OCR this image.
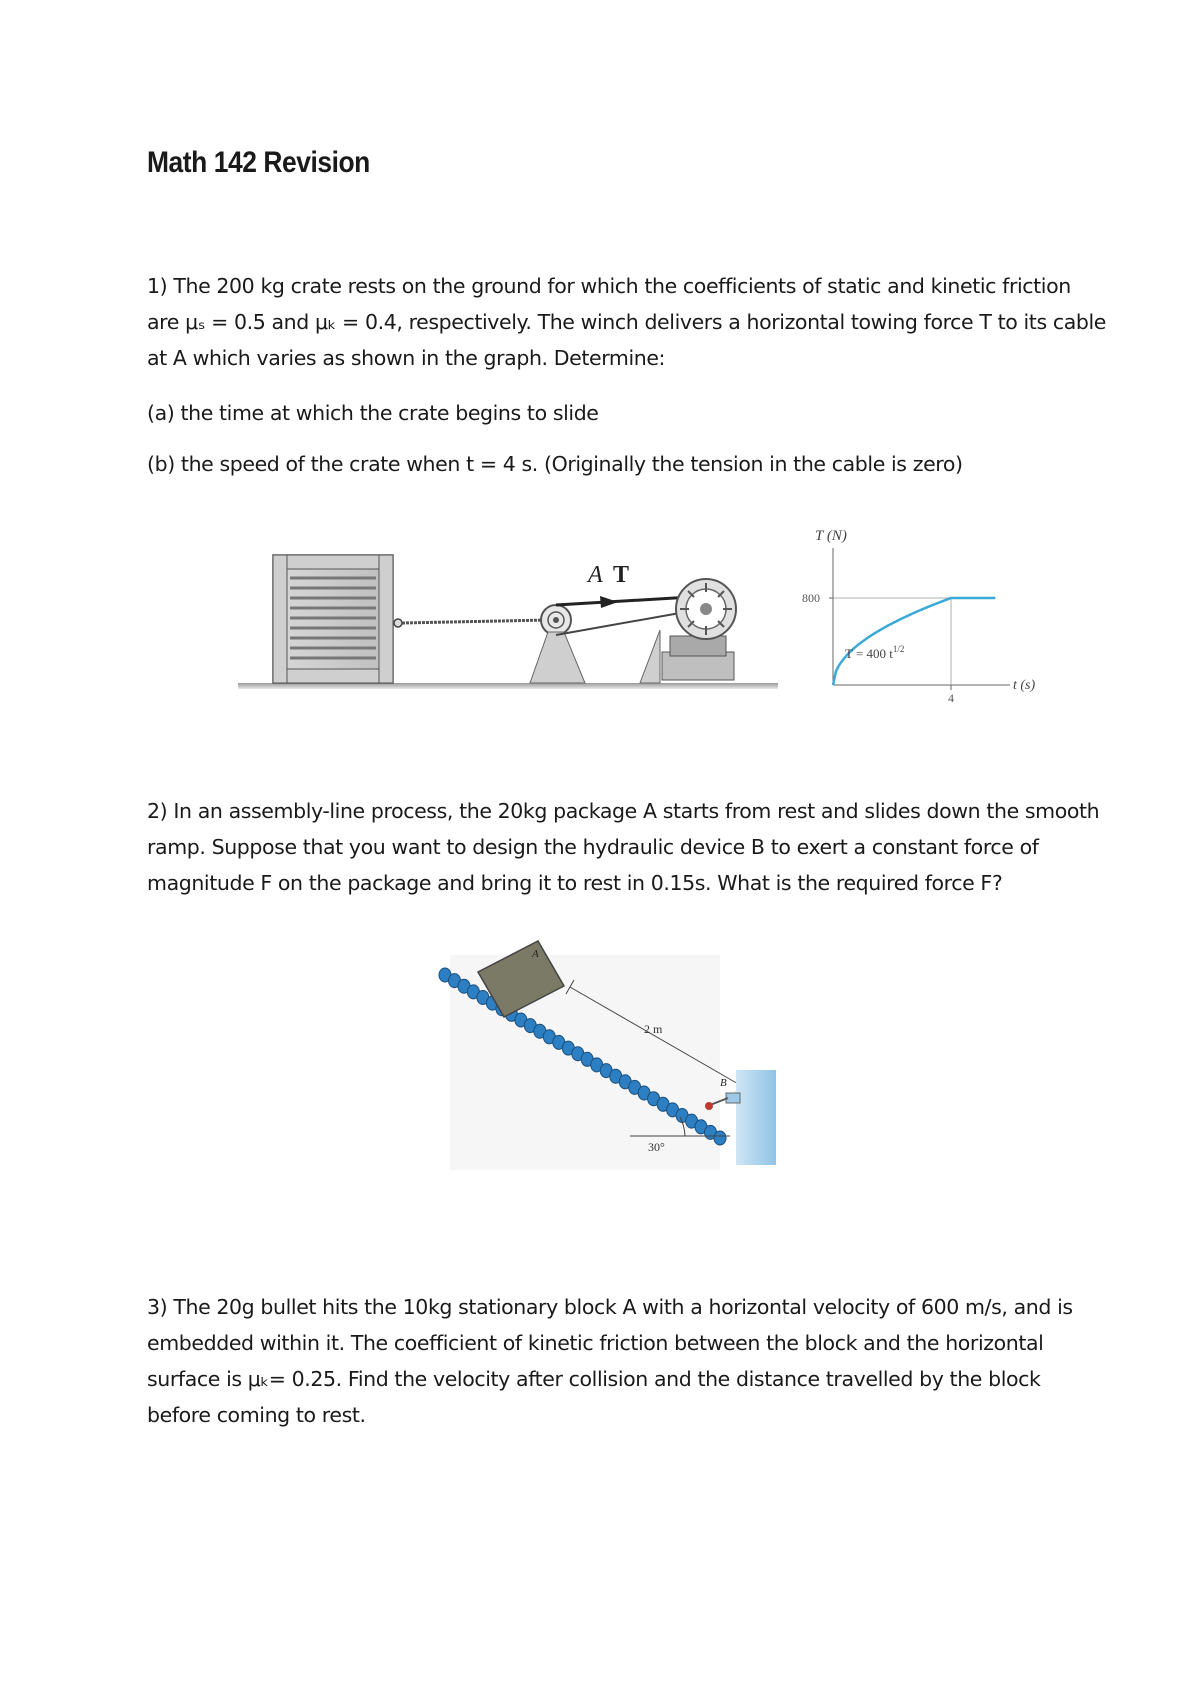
Math 142 Revision
1) The 200 kg crate rests on the ground for which the coefficients of static and kinetic friction
are μₛ = 0.5 and μₖ = 0.4, respectively. The winch delivers a horizontal towing force T to its cable
at A which varies as shown in the graph. Determine:
(a) the time at which the crate begins to slide
(b) the speed of the crate when t = 4 s. (Originally the tension in the cable is zero)
A T
T (N)
800
4
t (s)
T = 400 $t^{1/2}$
2) In an assembly-line process, the 20kg package A starts from rest and slides down the smooth
ramp. Suppose that you want to design the hydraulic device B to exert a constant force of
magnitude F on the package and bring it to rest in 0.15s. What is the required force F?
A
2 m
B
30°
3) The 20g bullet hits the 10kg stationary block A with a horizontal velocity of 600 m/s, and is
embedded within it. The coefficient of kinetic friction between the block and the horizontal
surface is μₖ= 0.25. Find the velocity after collision and the distance travelled by the block
before coming to rest.
